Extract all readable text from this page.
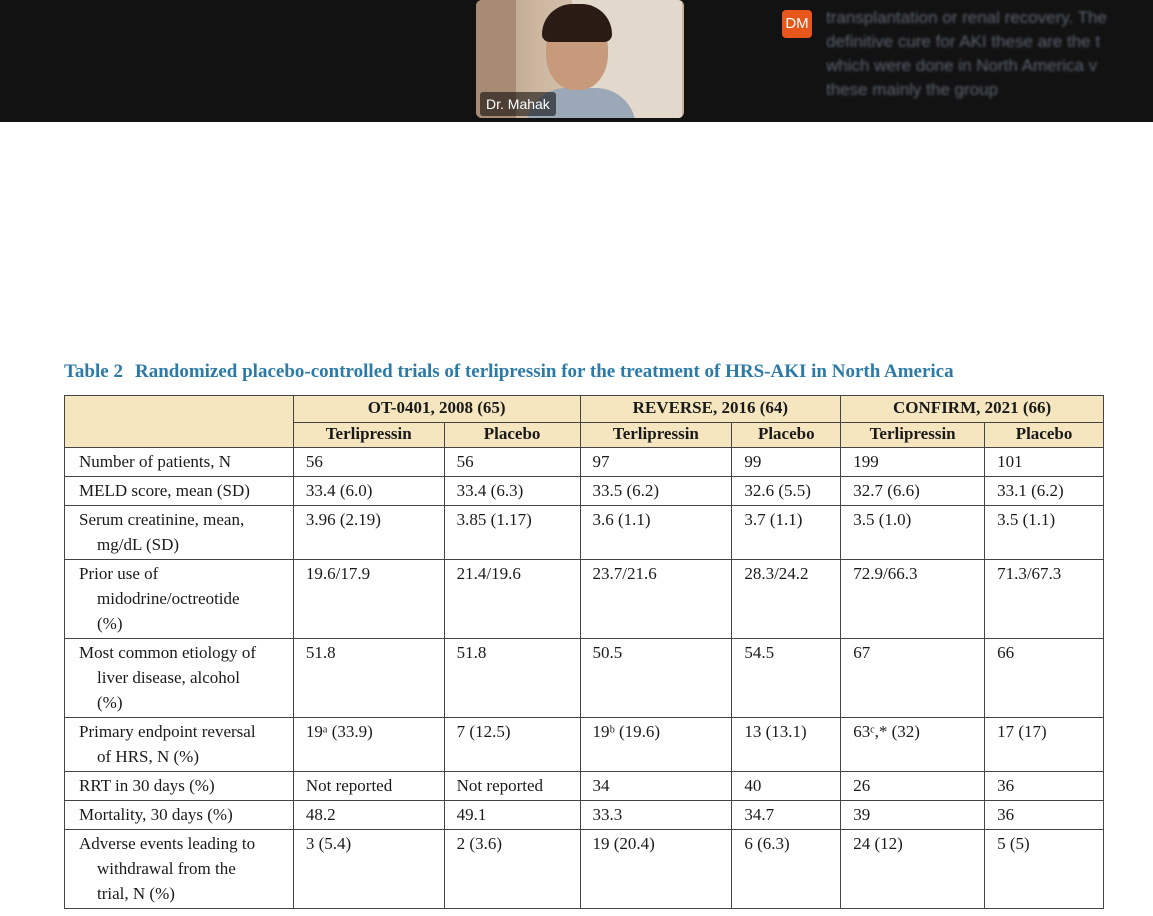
Dr. Mahak
DM transplantation or renal recovery. The
definitive cure for AKI these are the t
which were done in North America v
these mainly the group
Table 2 Randomized placebo-controlled trials of terlipressin for the treatment of HRS-AKI in North America
	OT-0401, 2008 (65)		REVERSE, 2016 (64)		CONFIRM, 2021 (66)	
	Terlipressin	Placebo	Terlipressin	Placebo	Terlipressin	Placebo
Number of patients, N	56	56	97	99	199	101
MELD score, mean (SD)	33.4 (6.0)	33.4 (6.3)	33.5 (6.2)	32.6 (5.5)	32.7 (6.6)	33.1 (6.2)
Serum creatinine, mean,
mg/dL (SD)	3.96 (2.19)	3.85 (1.17)	3.6 (1.1)	3.7 (1.1)	3.5 (1.0)	3.5 (1.1)
Prior use of
midodrine/octreotide
(%)	19.6/17.9	21.4/19.6	23.7/21.6	28.3/24.2	72.9/66.3	71.3/67.3
Most common etiology of
liver disease, alcohol
(%)	51.8	51.8	50.5	54.5	67	66
Primary endpoint reversal
of HRS, N (%)	19ᵃ (33.9)	7 (12.5)	19ᵇ (19.6)	13 (13.1)	63ᶜ,* (32)	17 (17)
RRT in 30 days (%)	Not reported	Not reported	34	40	26	36
Mortality, 30 days (%)	48.2	49.1	33.3	34.7	39	36
Adverse events leading to
withdrawal from the
trial, N (%)	3 (5.4)	2 (3.6)	19 (20.4)	6 (6.3)	24 (12)	5 (5)
